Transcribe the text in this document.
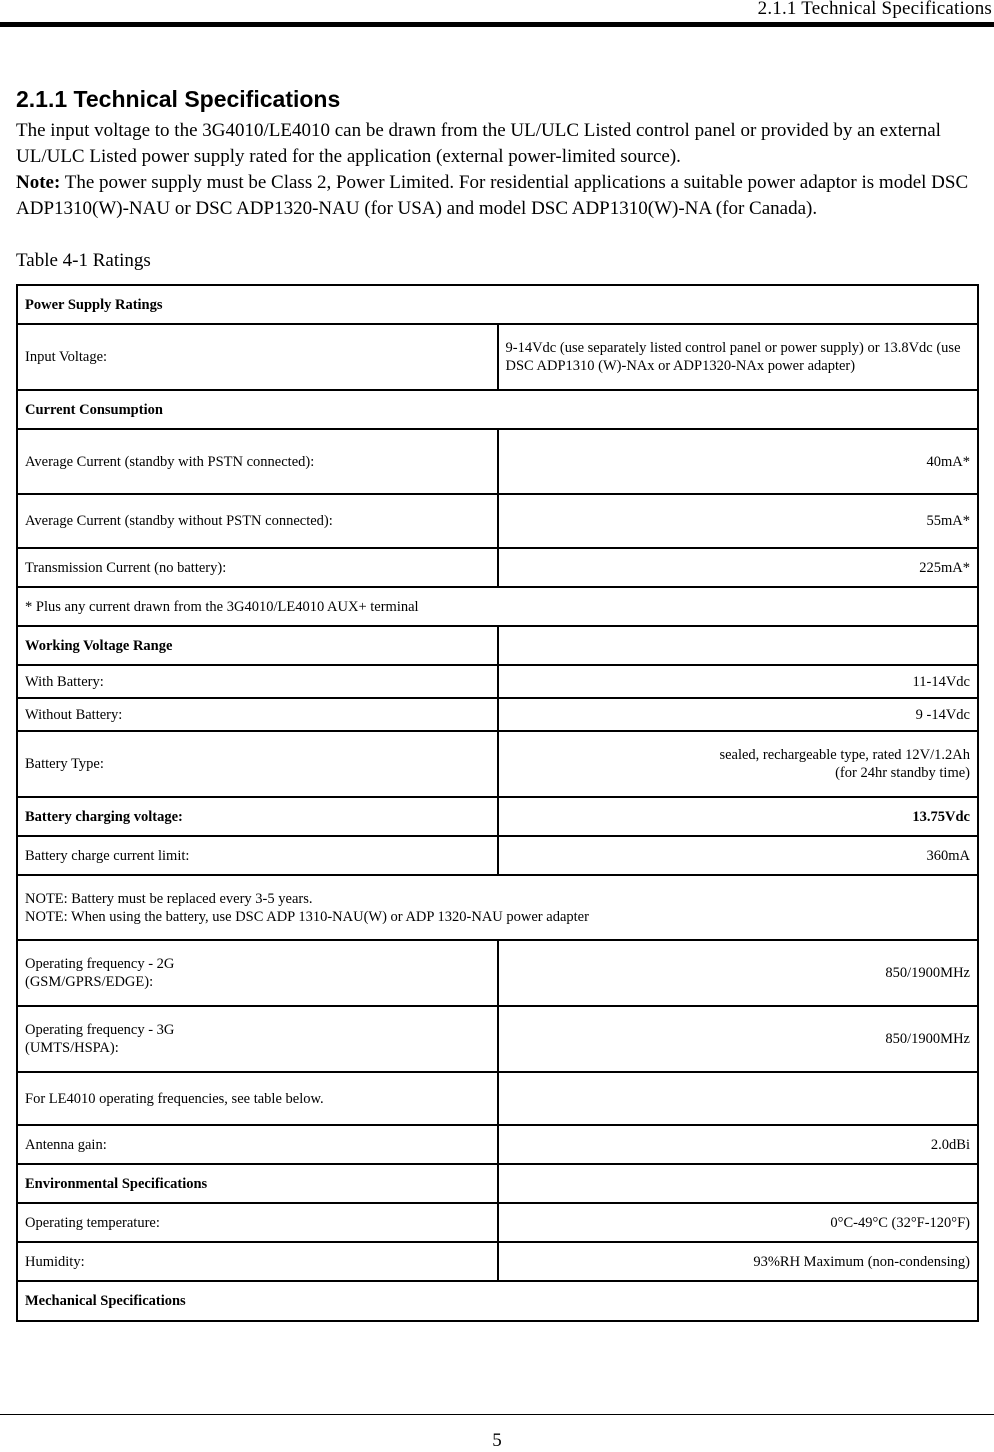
2.1.1 Technical Specifications
2.1.1 Technical Specifications

The input voltage to the 3G4010/LE4010 can be drawn from the UL/ULC Listed control panel or provided by an external UL/ULC Listed power supply rated for the application (external power-limited source).

Note: The power supply must be Class 2, Power Limited. For residential applications a suitable power adaptor is model DSC ADP1310(W)-NAU or DSC ADP1320-NAU (for USA) and model DSC ADP1310(W)-NA (for Canada).

Table 4-1 Ratings
Power Supply Ratings	
Input Voltage:	9-14Vdc (use separately listed control panel or power supply) or 13.8Vdc (use DSC ADP1310 (W)-NAx or ADP1320-NAx power adapter)
Current Consumption	
Average Current (standby with PSTN connected):	40mA*
Average Current (standby without PSTN connected):	55mA*
Transmission Current (no battery):	225mA*
* Plus any current drawn from the 3G4010/LE4010 AUX+ terminal	
Working Voltage Range	
With Battery:	11-14Vdc
Without Battery:	9 -14Vdc
Battery Type:	sealed, rechargeable type, rated 12V/1.2Ah
(for 24hr standby time)
Battery charging voltage:	13.75Vdc
Battery charge current limit:	360mA
NOTE: Battery must be replaced every 3-5 years.
NOTE: When using the battery, use DSC ADP 1310-NAU(W) or ADP 1320-NAU power adapter	
Operating frequency - 2G
(GSM/GPRS/EDGE):	850/1900MHz
Operating frequency - 3G
(UMTS/HSPA):	850/1900MHz
For LE4010 operating frequencies, see table below.	
Antenna gain:	2.0dBi
Environmental Specifications	
Operating temperature:	0°C-49°C (32°F-120°F)
Humidity:	93%RH Maximum (non-condensing)
Mechanical Specifications	
5
